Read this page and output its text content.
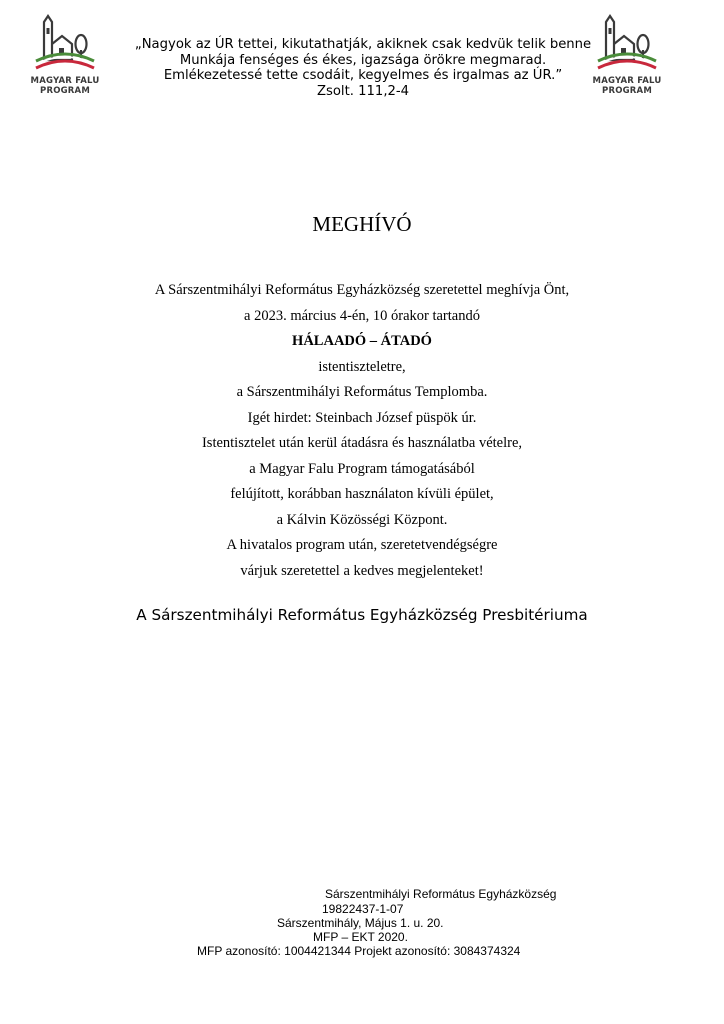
MAGYAR FALU
PROGRAM
„Nagyok az ÚR tettei, kikutathatják, akiknek csak kedvük telik benne
Munkája fenséges és ékes, igazsága örökre megmarad.
Emlékezetessé tette csodáit, kegyelmes és irgalmas az ÚR.”
Zsolt. 111,2-4
MAGYAR FALU
PROGRAM
MEGHÍVÓ
A Sárszentmihályi Református Egyházközség szeretettel meghívja Önt,
a 2023. március 4-én, 10 órakor tartandó
HÁLAADÓ – ÁTADÓ
istentiszteletre,
a Sárszentmihályi Református Templomba.
Igét hirdet: Steinbach József püspök úr.
Istentisztelet után kerül átadásra és használatba vételre,
a Magyar Falu Program támogatásából
felújított, korábban használaton kívüli épület,
a Kálvin Közösségi Központ.
A hivatalos program után, szeretetvendégségre
várjuk szeretettel a kedves megjelenteket!
A Sárszentmihályi Református Egyházközség Presbitériuma
Sárszentmihályi Református Egyházközség
19822437-1-07
Sárszentmihály, Május 1. u. 20.
MFP – EKT 2020.
MFP azonosító: 1004421344 Projekt azonosító: 3084374324
